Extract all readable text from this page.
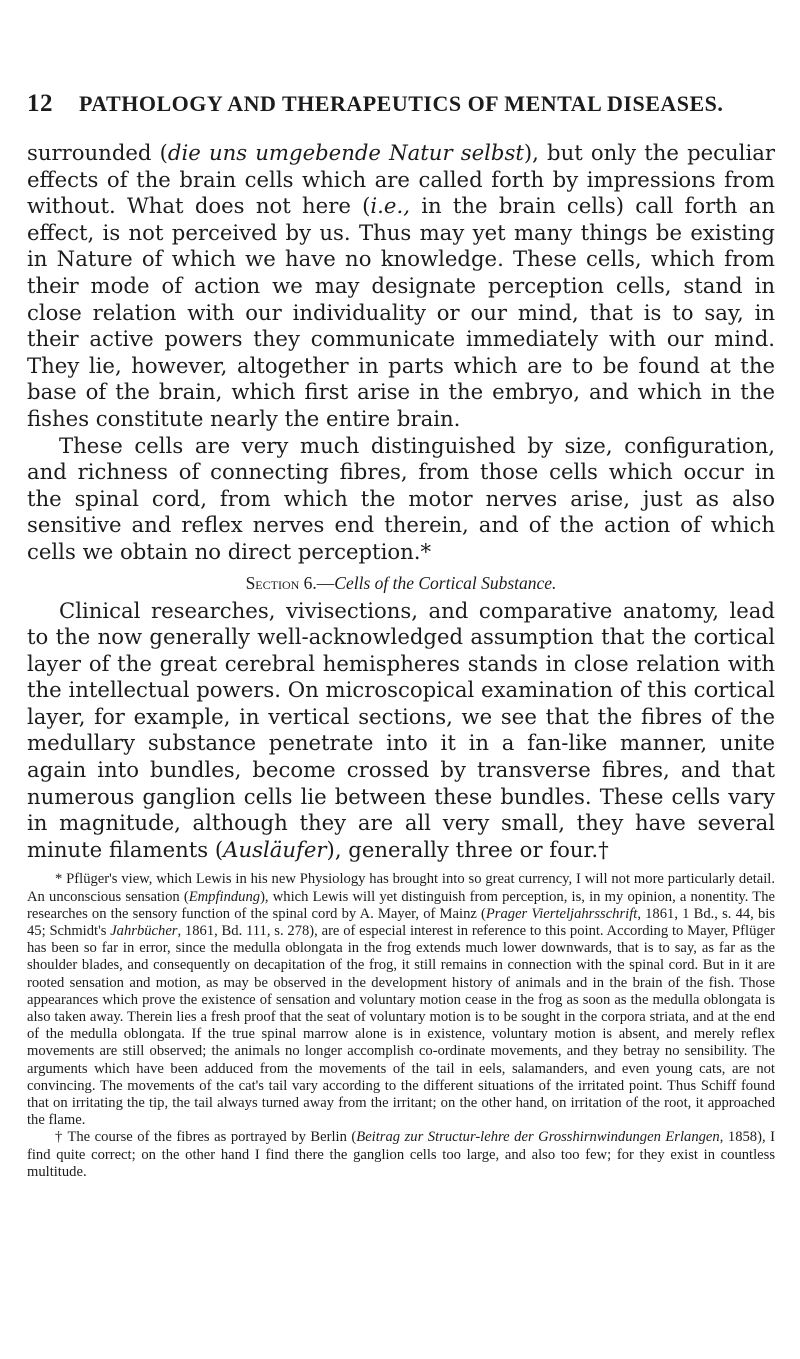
12 PATHOLOGY AND THERAPEUTICS OF MENTAL DISEASES.

surrounded (die uns umgebende Natur selbst), but only the peculiar effects of the brain cells which are called forth by impressions from without. What does not here (i.e., in the brain cells) call forth an effect, is not perceived by us. Thus may yet many things be existing in Nature of which we have no knowledge. These cells, which from their mode of action we may designate perception cells, stand in close relation with our individuality or our mind, that is to say, in their active powers they communicate immediately with our mind. They lie, however, altogether in parts which are to be found at the base of the brain, which first arise in the embryo, and which in the fishes constitute nearly the entire brain.

These cells are very much distinguished by size, configuration, and richness of connecting fibres, from those cells which occur in the spinal cord, from which the motor nerves arise, just as also sensitive and reflex nerves end therein, and of the action of which cells we obtain no direct perception.*

Section 6.—Cells of the Cortical Substance.

Clinical researches, vivisections, and comparative anatomy, lead to the now generally well-acknowledged assumption that the cortical layer of the great cerebral hemispheres stands in close relation with the intellectual powers. On microscopical examination of this cortical layer, for example, in vertical sections, we see that the fibres of the medullary substance penetrate into it in a fan-like manner, unite again into bundles, become crossed by transverse fibres, and that numerous ganglion cells lie between these bundles. These cells vary in magnitude, although they are all very small, they have several minute filaments (Ausläufer), generally three or four.†

* Pflüger's view, which Lewis in his new Physiology has brought into so great currency, I will not more particularly detail. An unconscious sensation (Empfindung), which Lewis will yet distinguish from perception, is, in my opinion, a nonentity. The researches on the sensory function of the spinal cord by A. Mayer, of Mainz (Prager Vierteljahrsschrift, 1861, 1 Bd., s. 44, bis 45; Schmidt's Jahrbücher, 1861, Bd. 111, s. 278), are of especial interest in reference to this point. According to Mayer, Pflüger has been so far in error, since the medulla oblongata in the frog extends much lower downwards, that is to say, as far as the shoulder blades, and consequently on decapitation of the frog, it still remains in connection with the spinal cord. But in it are rooted sensation and motion, as may be observed in the development history of animals and in the brain of the fish. Those appearances which prove the existence of sensation and voluntary motion cease in the frog as soon as the medulla oblongata is also taken away. Therein lies a fresh proof that the seat of voluntary motion is to be sought in the corpora striata, and at the end of the medulla oblongata. If the true spinal marrow alone is in existence, voluntary motion is absent, and merely reflex movements are still observed; the animals no longer accomplish co-ordinate movements, and they betray no sensibility. The arguments which have been adduced from the movements of the tail in eels, salamanders, and even young cats, are not convincing. The movements of the cat's tail vary according to the different situations of the irritated point. Thus Schiff found that on irritating the tip, the tail always turned away from the irritant; on the other hand, on irritation of the root, it approached the flame.

† The course of the fibres as portrayed by Berlin (Beitrag zur Structur-lehre der Grosshirnwindungen Erlangen, 1858), I find quite correct; on the other hand I find there the ganglion cells too large, and also too few; for they exist in countless multitude.
